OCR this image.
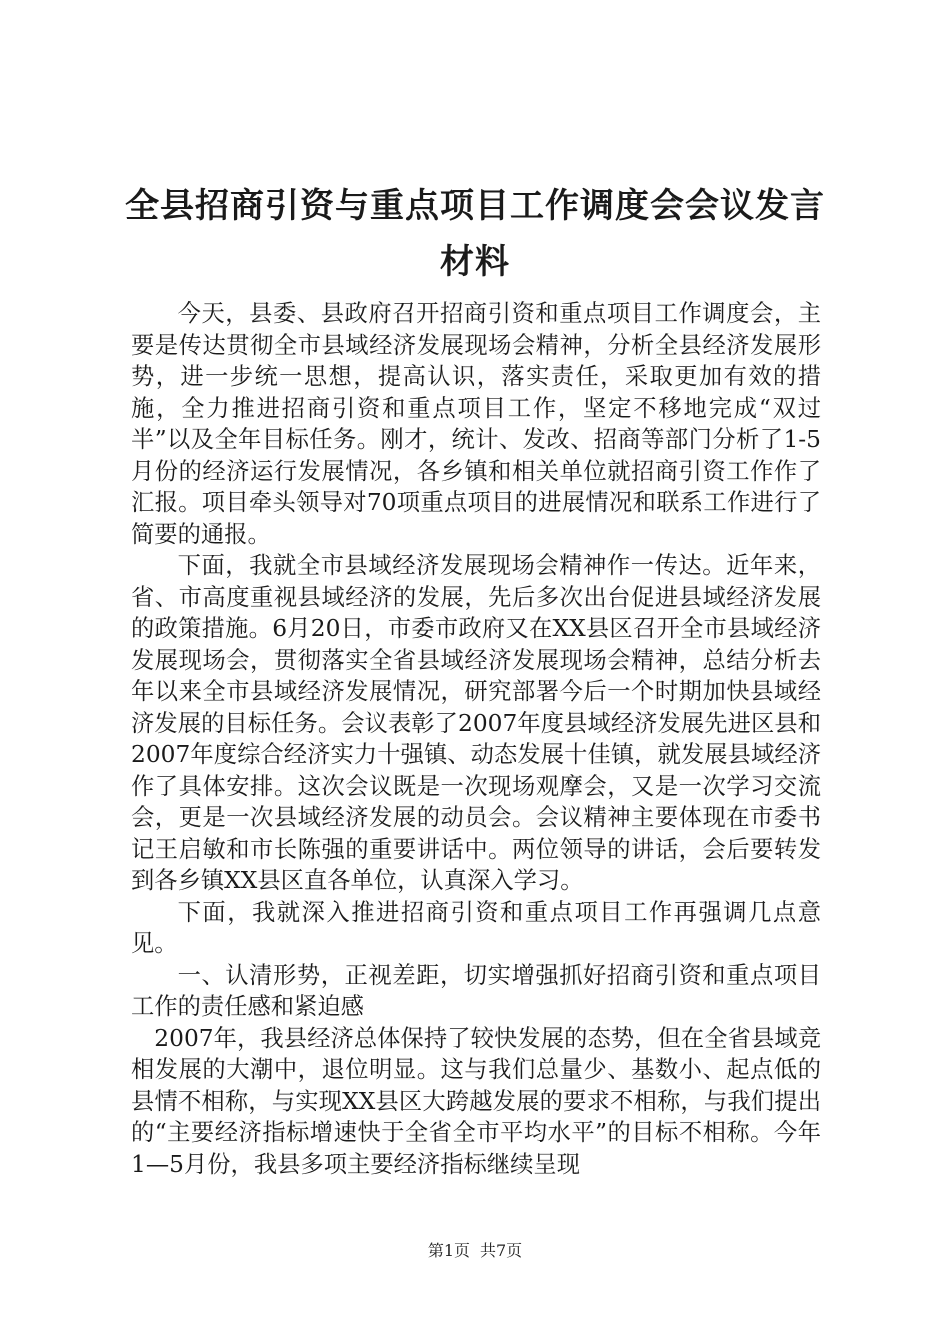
全县招商引资与重点项目工作调度会会议发言材料

今天，县委、县政府召开招商引资和重点项目工作调度会，主要是传达贯彻全市县域经济发展现场会精神，分析全县经济发展形势，进一步统一思想，提高认识，落实责任，采取更加有效的措施，全力推进招商引资和重点项目工作，坚定不移地完成“双过半”以及全年目标任务。刚才，统计、发改、招商等部门分析了1-5月份的经济运行发展情况，各乡镇和相关单位就招商引资工作作了汇报。项目牵头领导对70项重点项目的进展情况和联系工作进行了简要的通报。

下面，我就全市县域经济发展现场会精神作一传达。近年来，省、市高度重视县域经济的发展，先后多次出台促进县域经济发展的政策措施。6月20日，市委市政府又在XX县区召开全市县域经济发展现场会，贯彻落实全省县域经济发展现场会精神，总结分析去年以来全市县域经济发展情况，研究部署今后一个时期加快县域经济发展的目标任务。会议表彰了2007年度县域经济发展先进区县和2007年度综合经济实力十强镇、动态发展十佳镇，就发展县域经济作了具体安排。这次会议既是一次现场观摩会，又是一次学习交流会，更是一次县域经济发展的动员会。会议精神主要体现在市委书记王启敏和市长陈强的重要讲话中。两位领导的讲话，会后要转发到各乡镇XX县区直各单位，认真深入学习。

下面，我就深入推进招商引资和重点项目工作再强调几点意见。

一、认清形势，正视差距，切实增强抓好招商引资和重点项目工作的责任感和紧迫感

2007年，我县经济总体保持了较快发展的态势，但在全省县域竞相发展的大潮中，退位明显。这与我们总量少、基数小、起点低的县情不相称，与实现XX县区大跨越发展的要求不相称，与我们提出的“主要经济指标增速快于全省全市平均水平”的目标不相称。今年1—5月份，我县多项主要经济指标继续呈现

第1页 共7页
